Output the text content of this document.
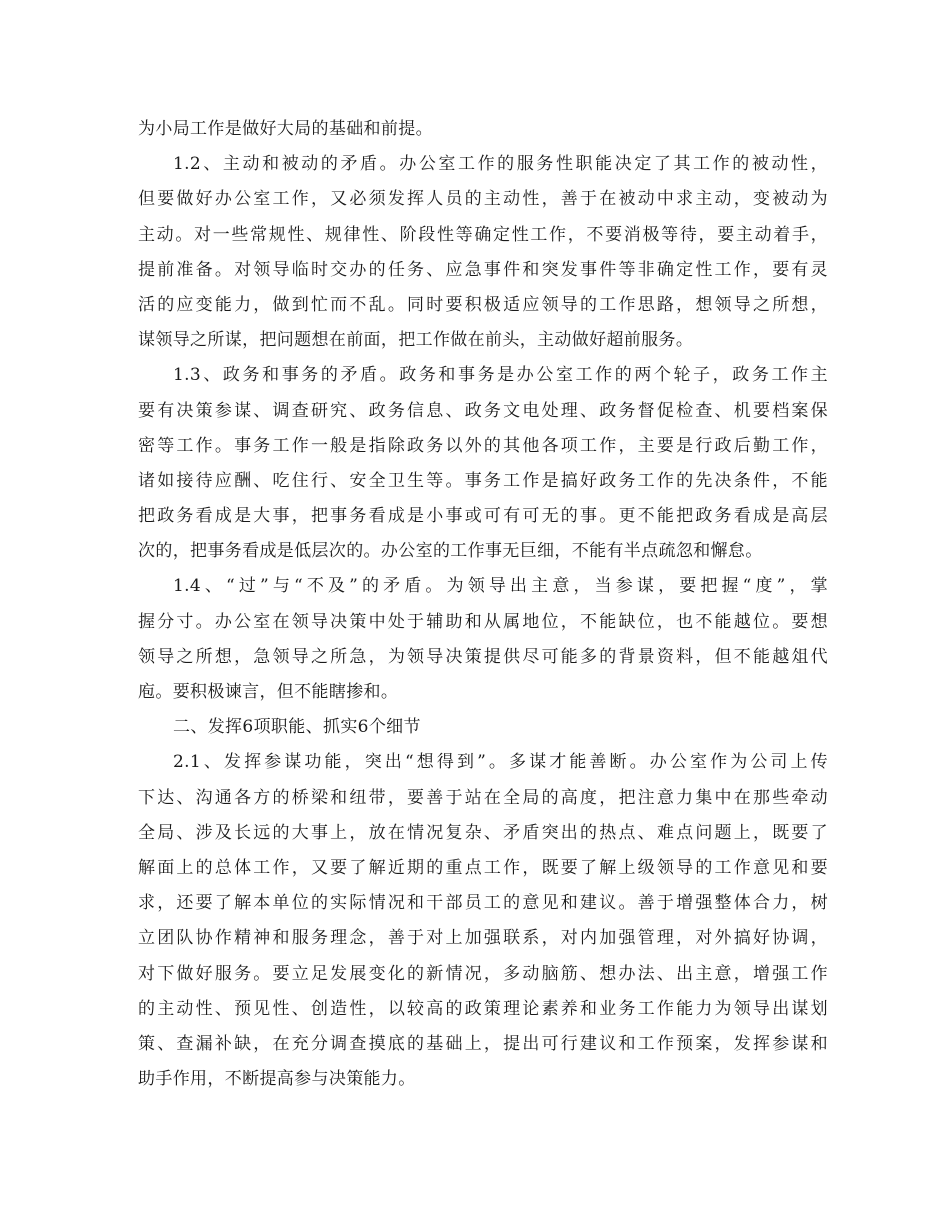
为小局工作是做好大局的基础和前提。
1.2、主动和被动的矛盾。办公室工作的服务性职能决定了其工作的被动性，
但要做好办公室工作，又必须发挥人员的主动性，善于在被动中求主动，变被动为
主动。对一些常规性、规律性、阶段性等确定性工作，不要消极等待，要主动着手，
提前准备。对领导临时交办的任务、应急事件和突发事件等非确定性工作，要有灵
活的应变能力，做到忙而不乱。同时要积极适应领导的工作思路，想领导之所想，
谋领导之所谋，把问题想在前面，把工作做在前头，主动做好超前服务。
1.3、政务和事务的矛盾。政务和事务是办公室工作的两个轮子，政务工作主
要有决策参谋、调查研究、政务信息、政务文电处理、政务督促检查、机要档案保
密等工作。事务工作一般是指除政务以外的其他各项工作，主要是行政后勤工作，
诸如接待应酬、吃住行、安全卫生等。事务工作是搞好政务工作的先决条件，不能
把政务看成是大事，把事务看成是小事或可有可无的事。更不能把政务看成是高层
次的，把事务看成是低层次的。办公室的工作事无巨细，不能有半点疏忽和懈怠。
1.4、“过”与“不及”的矛盾。为领导出主意，当参谋，要把握“度”，掌
握分寸。办公室在领导决策中处于辅助和从属地位，不能缺位，也不能越位。要想
领导之所想，急领导之所急，为领导决策提供尽可能多的背景资料，但不能越俎代
庖。要积极谏言，但不能瞎掺和。
二、发挥6项职能、抓实6个细节
2.1、发挥参谋功能，突出“想得到”。多谋才能善断。办公室作为公司上传
下达、沟通各方的桥梁和纽带，要善于站在全局的高度，把注意力集中在那些牵动
全局、涉及长远的大事上，放在情况复杂、矛盾突出的热点、难点问题上，既要了
解面上的总体工作，又要了解近期的重点工作，既要了解上级领导的工作意见和要
求，还要了解本单位的实际情况和干部员工的意见和建议。善于增强整体合力，树
立团队协作精神和服务理念，善于对上加强联系，对内加强管理，对外搞好协调，
对下做好服务。要立足发展变化的新情况，多动脑筋、想办法、出主意，增强工作
的主动性、预见性、创造性，以较高的政策理论素养和业务工作能力为领导出谋划
策、查漏补缺，在充分调查摸底的基础上，提出可行建议和工作预案，发挥参谋和
助手作用，不断提高参与决策能力。
